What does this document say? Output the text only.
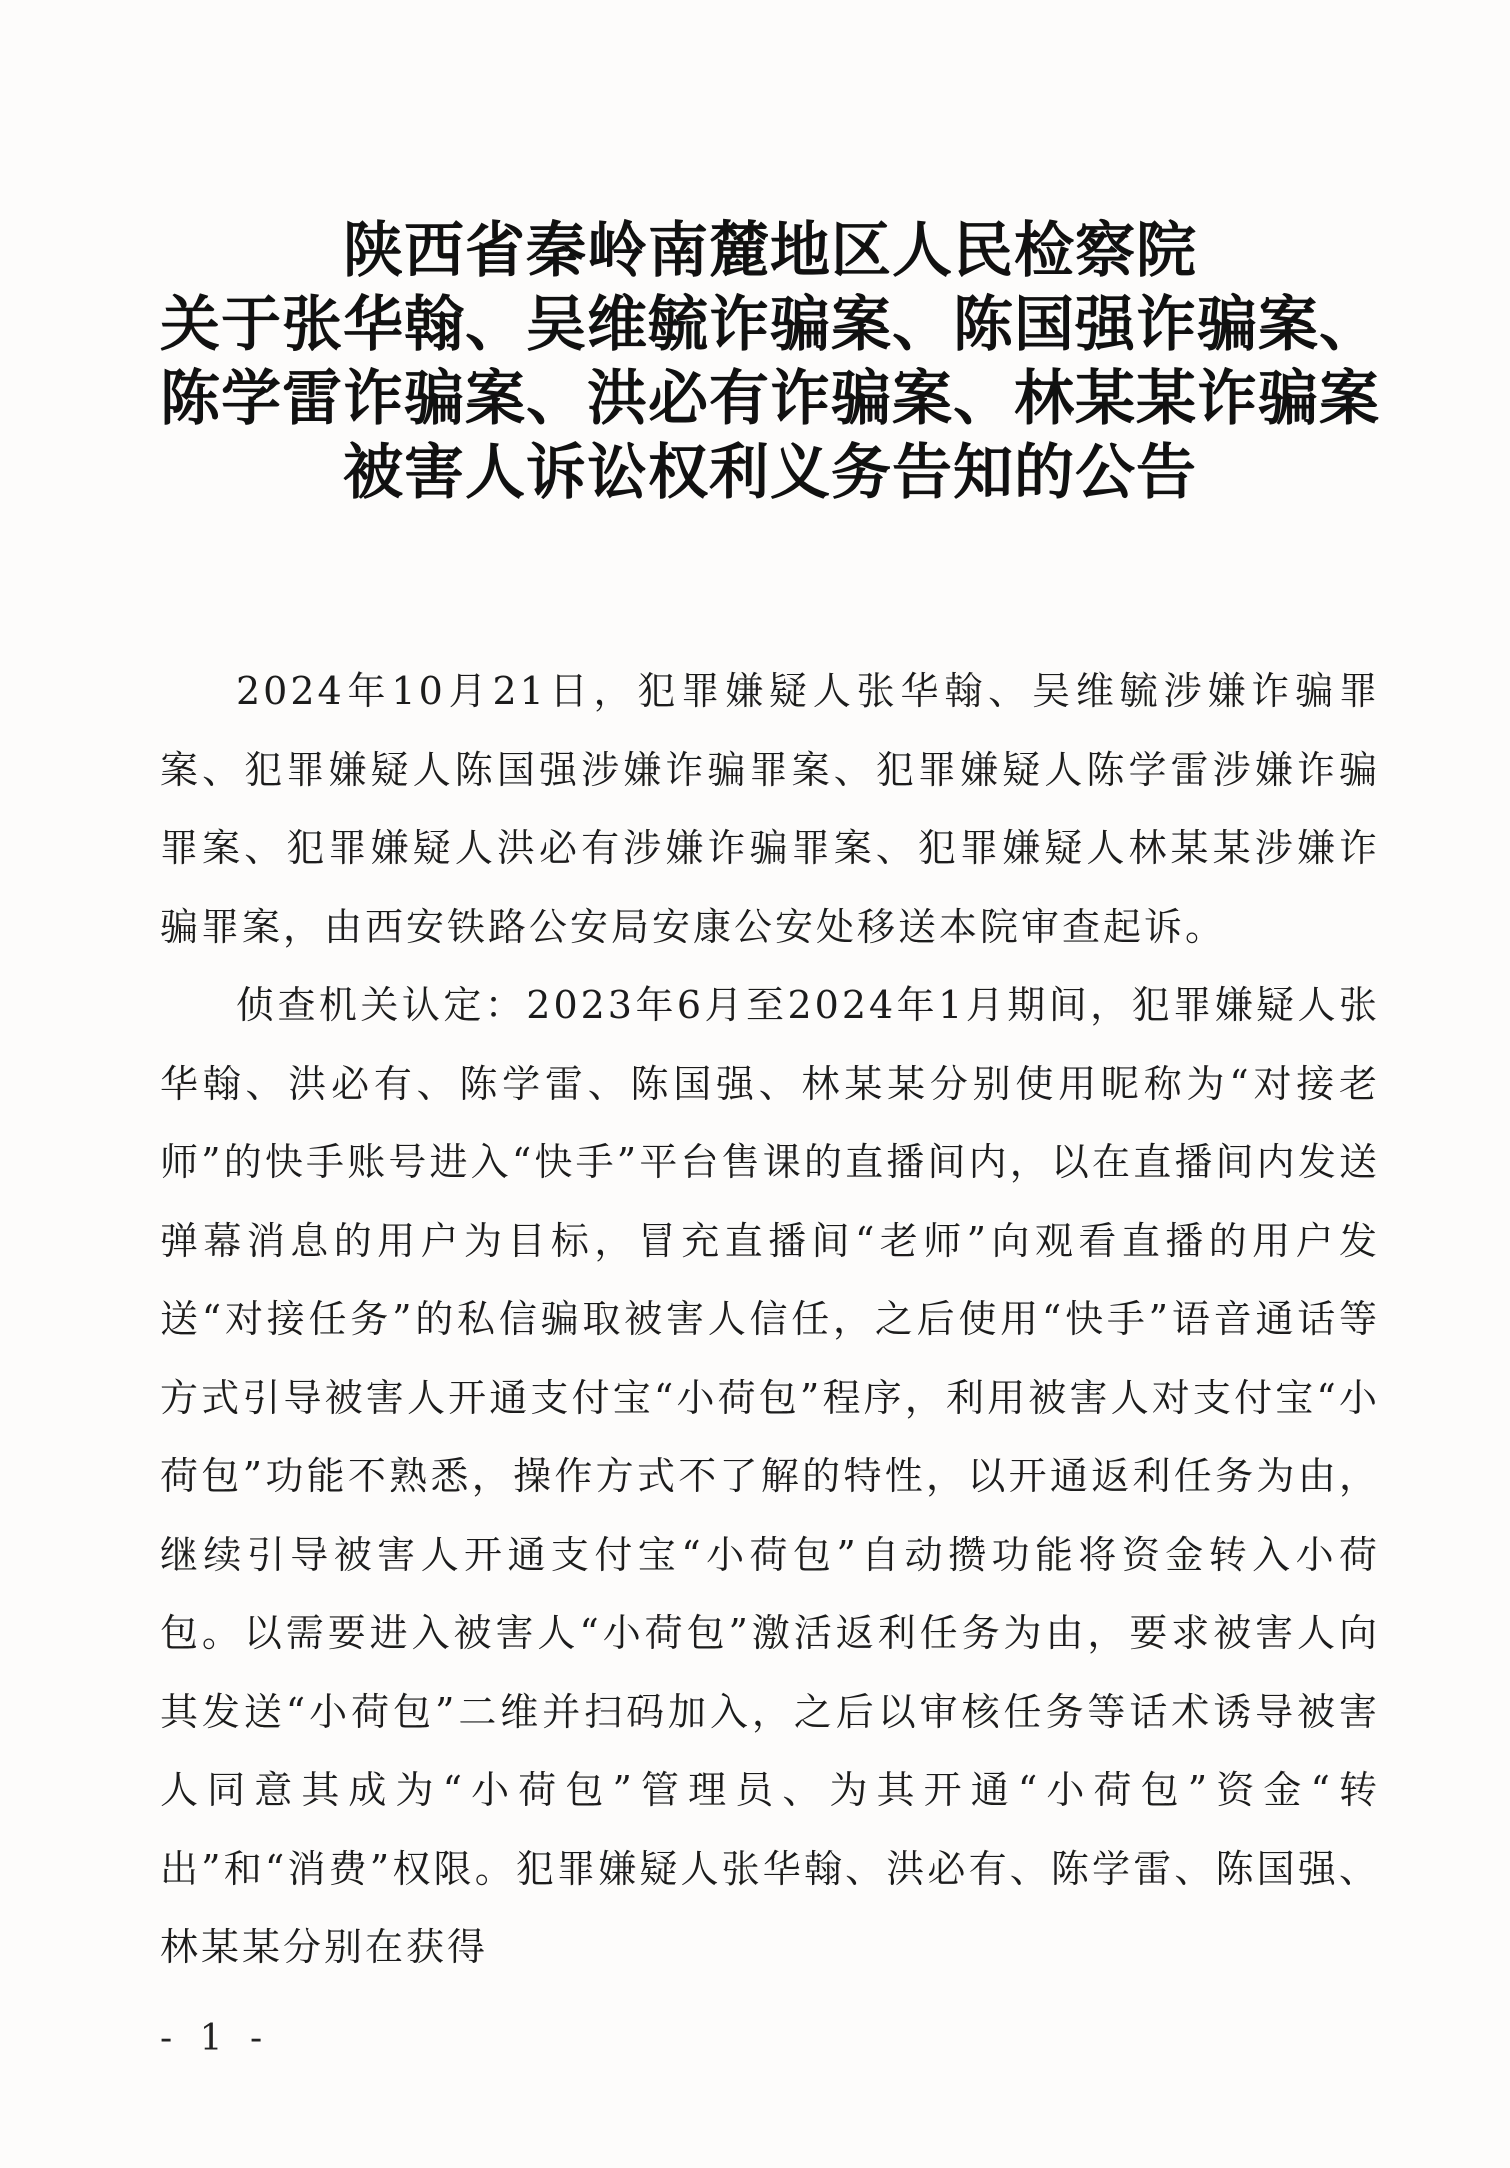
陕西省秦岭南麓地区人民检察院
关于张华翰、吴维毓诈骗案、陈国强诈骗案、
陈学雷诈骗案、洪必有诈骗案、林某某诈骗案
被害人诉讼权利义务告知的公告

2024年10月21日，犯罪嫌疑人张华翰、吴维毓涉嫌诈骗罪案、犯罪嫌疑人陈国强涉嫌诈骗罪案、犯罪嫌疑人陈学雷涉嫌诈骗罪案、犯罪嫌疑人洪必有涉嫌诈骗罪案、犯罪嫌疑人林某某涉嫌诈骗罪案，由西安铁路公安局安康公安处移送本院审查起诉。

侦查机关认定：2023年6月至2024年1月期间，犯罪嫌疑人张华翰、洪必有、陈学雷、陈国强、林某某分别使用昵称为“对接老师”的快手账号进入“快手”平台售课的直播间内，以在直播间内发送弹幕消息的用户为目标，冒充直播间“老师”向观看直播的用户发送“对接任务”的私信骗取被害人信任，之后使用“快手”语音通话等方式引导被害人开通支付宝“小荷包”程序，利用被害人对支付宝“小荷包”功能不熟悉，操作方式不了解的特性，以开通返利任务为由，继续引导被害人开通支付宝“小荷包”自动攒功能将资金转入小荷包。以需要进入被害人“小荷包”激活返利任务为由，要求被害人向其发送“小荷包”二维并扫码加入，之后以审核任务等话术诱导被害人同意其成为“小荷包”管理员、为其开通“小荷包”资金“转出”和“消费”权限。犯罪嫌疑人张华翰、洪必有、陈学雷、陈国强、林某某分别在获得

- 1 -
